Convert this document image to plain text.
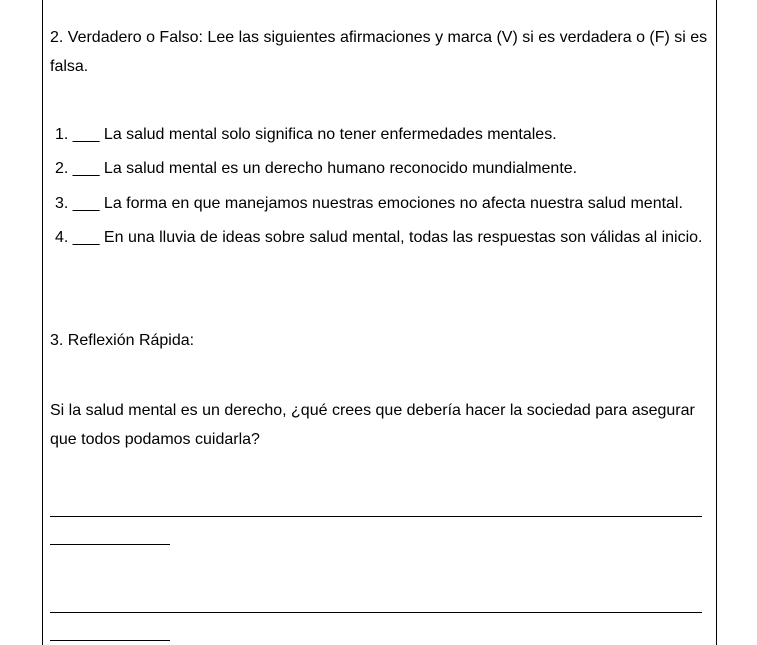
2. Verdadero o Falso: Lee las siguientes afirmaciones y marca (V) si es verdadera o (F) si es falsa.
1. ___ La salud mental solo significa no tener enfermedades mentales.
2. ___ La salud mental es un derecho humano reconocido mundialmente.
3. ___ La forma en que manejamos nuestras emociones no afecta nuestra salud mental.
4. ___ En una lluvia de ideas sobre salud mental, todas las respuestas son válidas al inicio.
3. Reflexión Rápida:
Si la salud mental es un derecho, ¿qué crees que debería hacer la sociedad para asegurar que todos podamos cuidarla?
